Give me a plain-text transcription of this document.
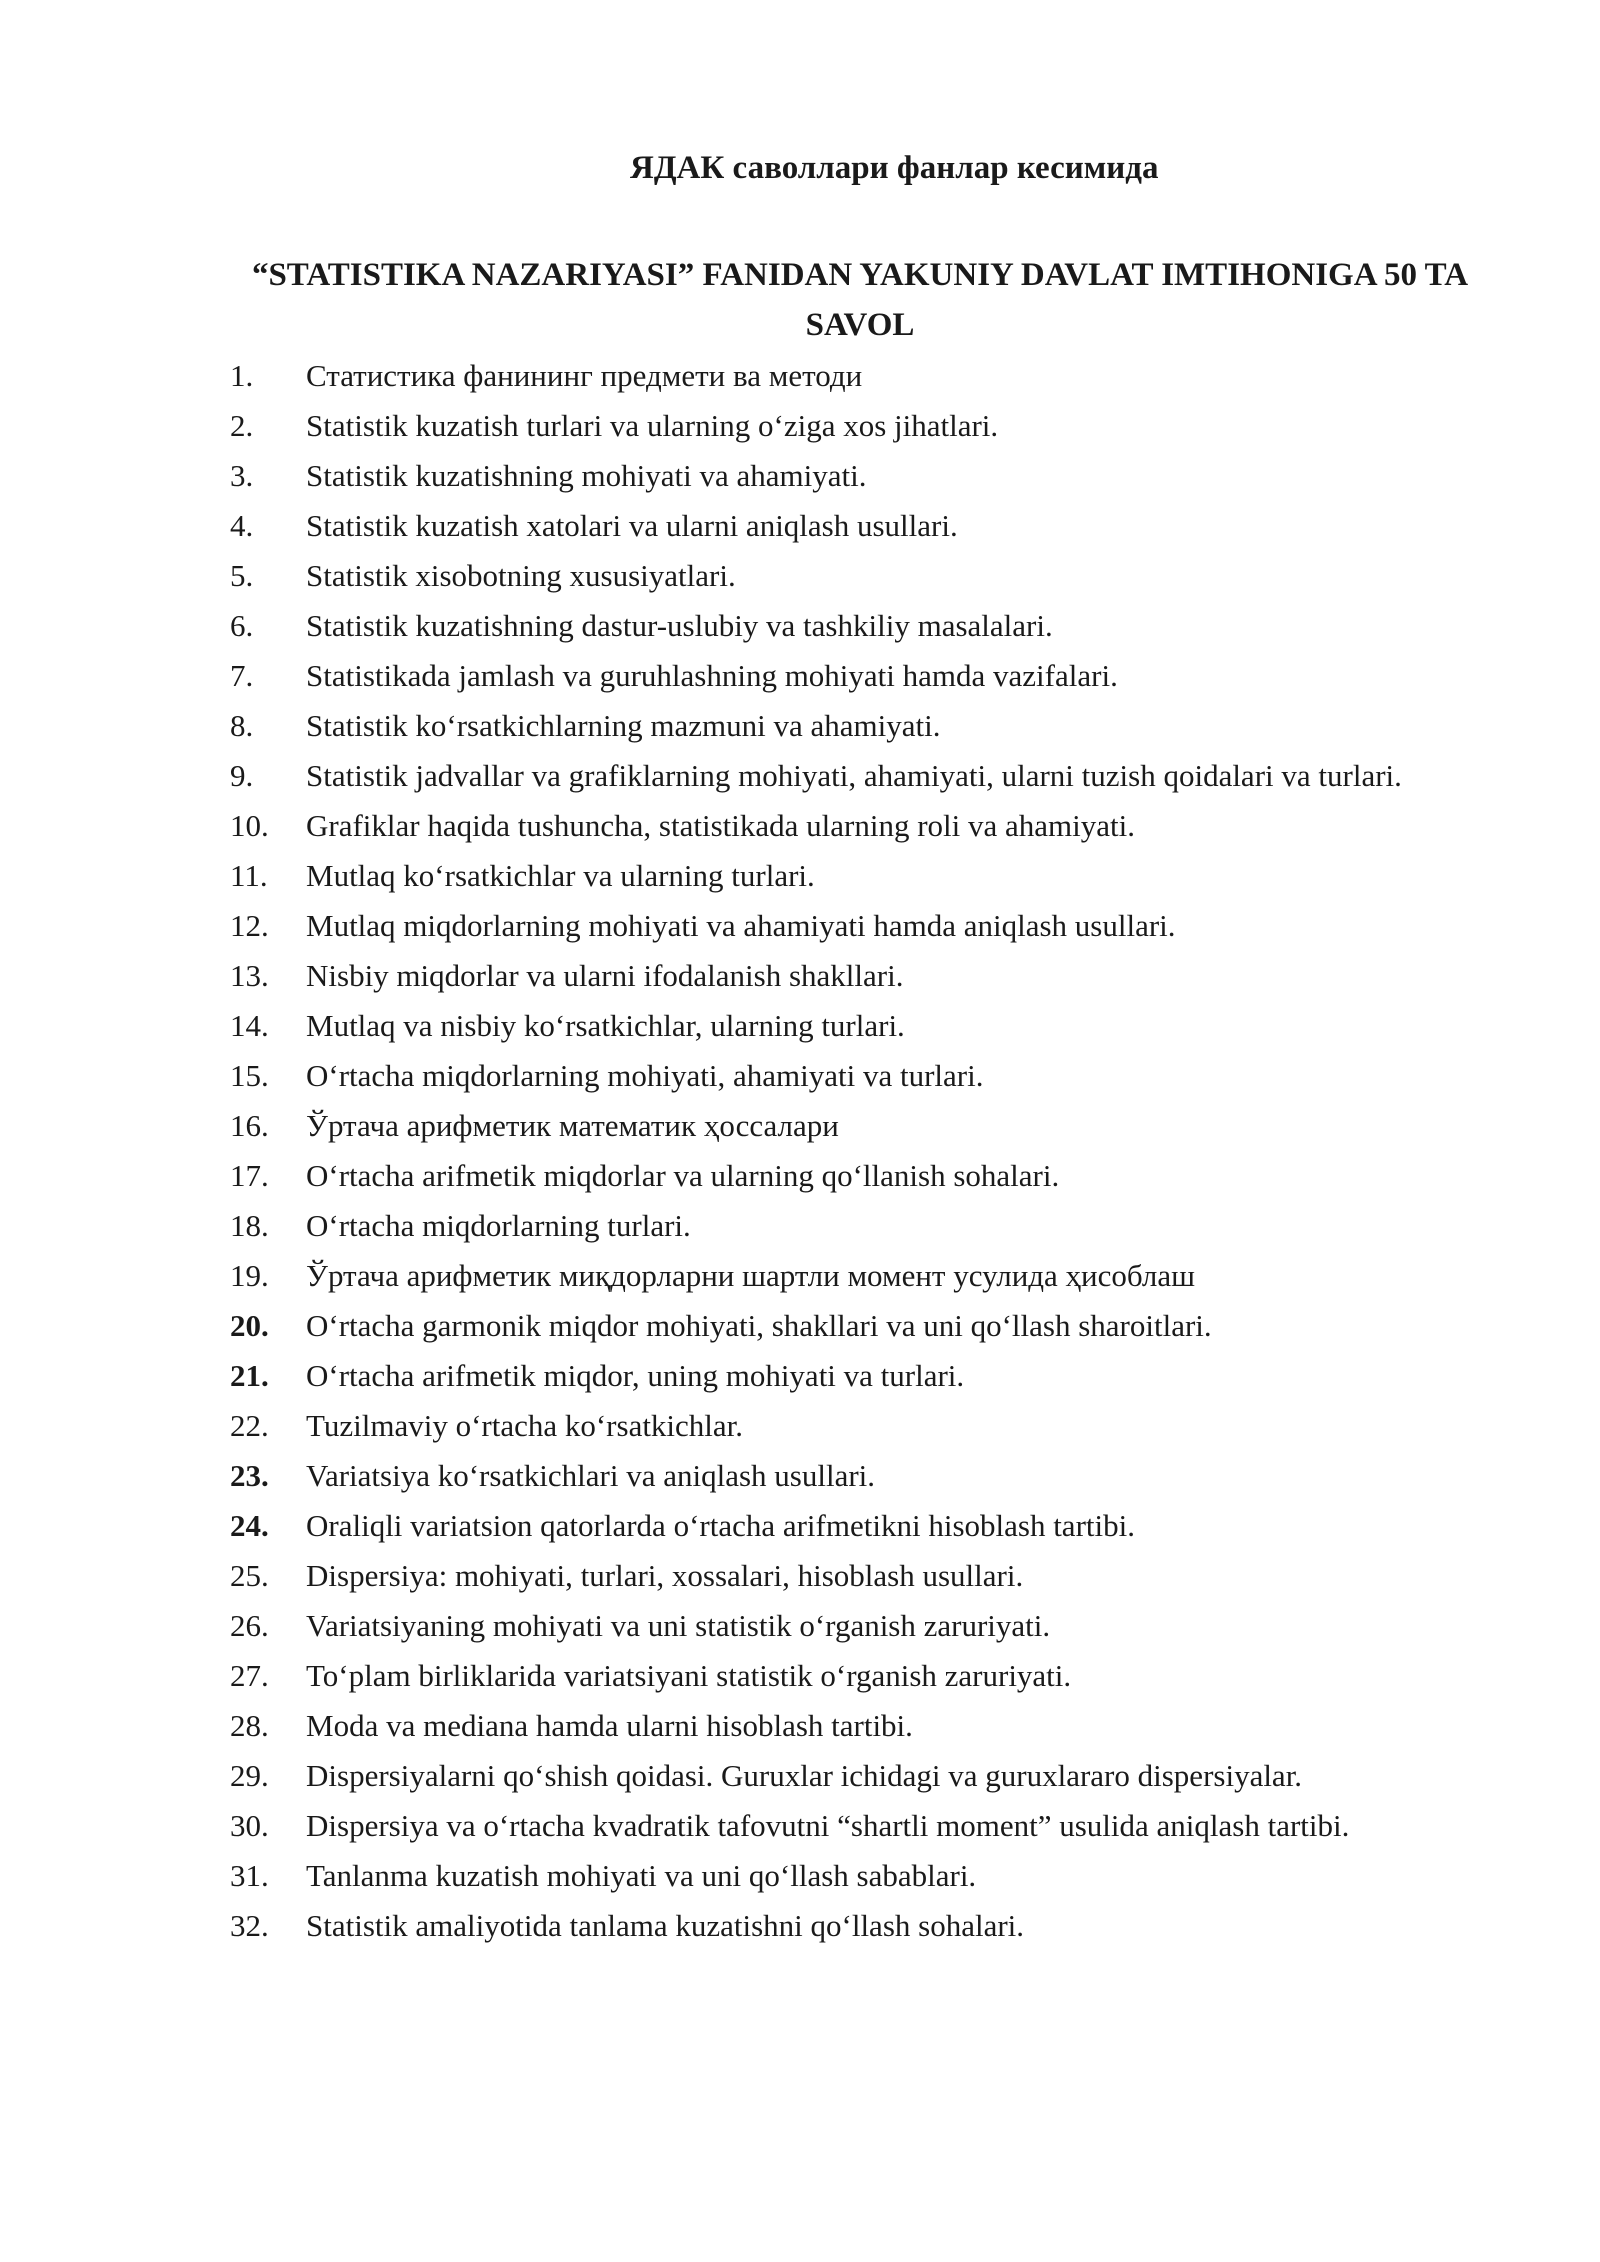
ЯДАК саволлари фанлар кесимида
“STATISTIKA NAZARIYASI” FANIDAN YAKUNIY DAVLAT IMTIHONIGA 50 TA SAVOL
1. Статистика фанининг предмети ва методи
2. Statistik kuzatish turlari va ularning oʻziga xos jihatlari.
3. Statistik kuzatishning mohiyati va ahamiyati.
4. Statistik kuzatish xatolari va ularni aniqlash usullari.
5. Statistik xisobotning xususiyatlari.
6. Statistik kuzatishning dastur-uslubiy va tashkiliy masalalari.
7. Statistikada jamlash va guruhlashning mohiyati hamda vazifalari.
8. Statistik koʻrsatkichlarning mazmuni va ahamiyati.
9. Statistik jadvallar va grafiklarning mohiyati, ahamiyati, ularni tuzish qoidalari va turlari.
10. Grafiklar haqida tushuncha, statistikada ularning roli va ahamiyati.
11. Mutlaq koʻrsatkichlar va ularning turlari.
12. Mutlaq miqdorlarning mohiyati va ahamiyati hamda aniqlash usullari.
13. Nisbiy miqdorlar va ularni ifodalanish shakllari.
14. Mutlaq va nisbiy koʻrsatkichlar, ularning turlari.
15. Oʻrtacha miqdorlarning mohiyati, ahamiyati va turlari.
16. Ўртача арифметик математик ҳоссалари
17. Oʻrtacha arifmetik miqdorlar va ularning qoʻllanish sohalari.
18. Oʻrtacha miqdorlarning turlari.
19. Ўртача арифметик миқдорларни шартли момент усулида ҳисоблаш
20. Oʻrtacha garmonik miqdor mohiyati, shakllari va uni qoʻllash sharoitlari.
21. Oʻrtacha arifmetik miqdor, uning mohiyati va turlari.
22. Tuzilmaviy oʻrtacha koʻrsatkichlar.
23. Variatsiya koʻrsatkichlari va aniqlash usullari.
24. Oraliqli variatsion qatorlarda oʻrtacha arifmetikni hisoblash tartibi.
25. Dispersiya: mohiyati, turlari, xossalari, hisoblash usullari.
26. Variatsiyaning mohiyati va uni statistik oʻrganish zaruriyati.
27. Toʻplam birliklarida variatsiyani statistik oʻrganish zaruriyati.
28. Moda va mediana hamda ularni hisoblash tartibi.
29. Dispersiyalarni qoʻshish qoidasi. Guruxlar ichidagi va guruxlararo dispersiyalar.
30. Dispersiya va oʻrtacha kvadratik tafovutni “shartli moment” usulida aniqlash tartibi.
31. Tanlanma kuzatish mohiyati va uni qoʻllash sabablari.
32. Statistik amaliyotida tanlama kuzatishni qoʻllash sohalari.
